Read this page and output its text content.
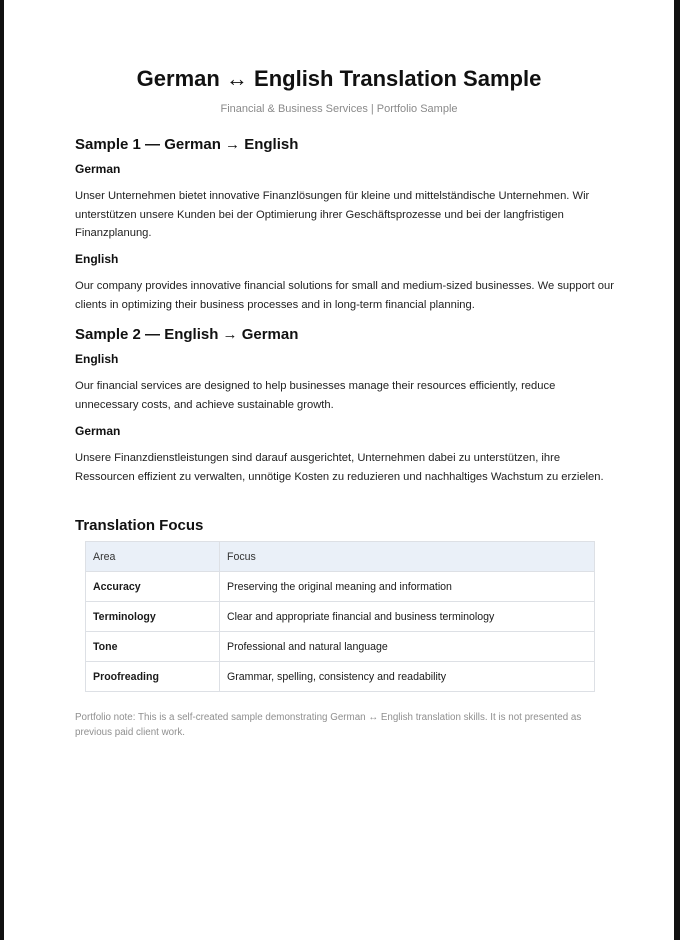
German ↔ English Translation Sample
Financial & Business Services | Portfolio Sample
Sample 1 — German → English
German
Unser Unternehmen bietet innovative Finanzlösungen für kleine und mittelständische Unternehmen. Wir unterstützen unsere Kunden bei der Optimierung ihrer Geschäftsprozesse und bei der langfristigen Finanzplanung.
English
Our company provides innovative financial solutions for small and medium-sized businesses. We support our clients in optimizing their business processes and in long-term financial planning.
Sample 2 — English → German
English
Our financial services are designed to help businesses manage their resources efficiently, reduce unnecessary costs, and achieve sustainable growth.
German
Unsere Finanzdienstleistungen sind darauf ausgerichtet, Unternehmen dabei zu unterstützen, ihre Ressourcen effizient zu verwalten, unnötige Kosten zu reduzieren und nachhaltiges Wachstum zu erzielen.
Translation Focus
Area	Focus
Accuracy	Preserving the original meaning and information
Terminology	Clear and appropriate financial and business terminology
Tone	Professional and natural language
Proofreading	Grammar, spelling, consistency and readability
Portfolio note: This is a self-created sample demonstrating German ↔ English translation skills. It is not presented as previous paid client work.
